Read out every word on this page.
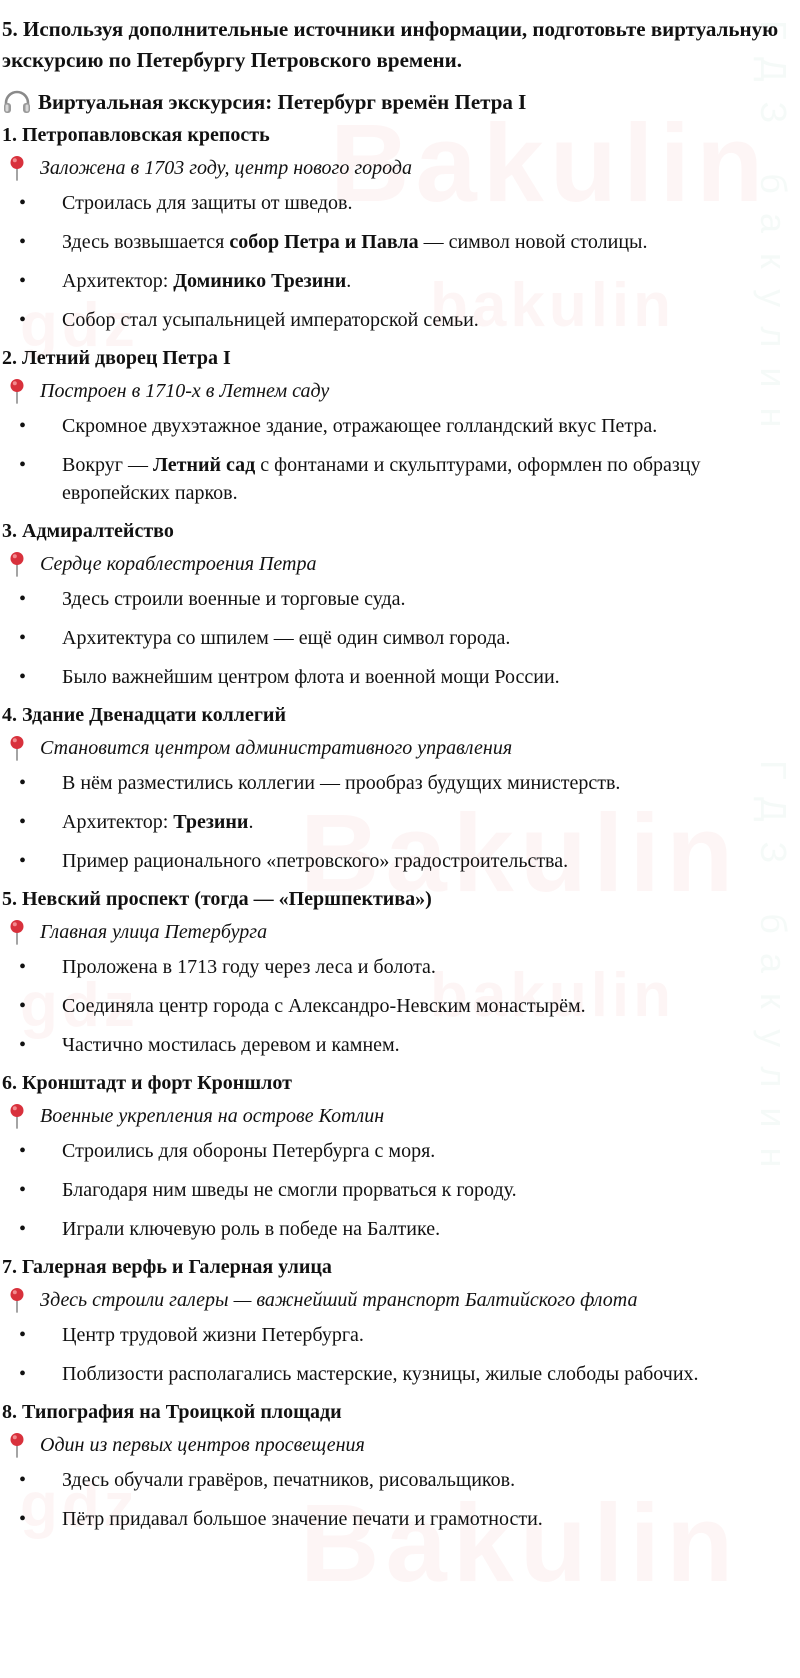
ГДЗ бакулин
ГДЗ бакулин
5. Используя дополнительные источники информации, подготовьте виртуальную экскурсию по Петербургу Петровского времени.
Виртуальная экскурсия: Петербург времён Петра I
1. Петропавловская крепость
Заложена в 1703 году, центр нового города
• Строилась для защиты от шведов.
• Здесь возвышается собор Петра и Павла — символ новой столицы.
• Архитектор: Доминико Трезини.
• Собор стал усыпальницей императорской семьи.
2. Летний дворец Петра I
Построен в 1710-х в Летнем саду
• Скромное двухэтажное здание, отражающее голландский вкус Петра.
• Вокруг — Летний сад с фонтанами и скульптурами, оформлен по образцу европейских парков.
3. Адмиралтейство
Сердце кораблестроения Петра
• Здесь строили военные и торговые суда.
• Архитектура со шпилем — ещё один символ города.
• Было важнейшим центром флота и военной мощи России.
4. Здание Двенадцати коллегий
Становится центром административного управления
• В нём разместились коллегии — прообраз будущих министерств.
• Архитектор: Трезини.
• Пример рационального «петровского» градостроительства.
5. Невский проспект (тогда — «Першпектива»)
Главная улица Петербурга
• Проложена в 1713 году через леса и болота.
• Соединяла центр города с Александро-Невским монастырём.
• Частично мостилась деревом и камнем.
6. Кронштадт и форт Кроншлот
Военные укрепления на острове Котлин
• Строились для обороны Петербурга с моря.
• Благодаря ним шведы не смогли прорваться к городу.
• Играли ключевую роль в победе на Балтике.
7. Галерная верфь и Галерная улица
Здесь строили галеры — важнейший транспорт Балтийского флота
• Центр трудовой жизни Петербурга.
• Поблизости располагались мастерские, кузницы, жилые слободы рабочих.
8. Типография на Троицкой площади
Один из первых центров просвещения
• Здесь обучали гравёров, печатников, рисовальщиков.
• Пётр придавал большое значение печати и грамотности.
